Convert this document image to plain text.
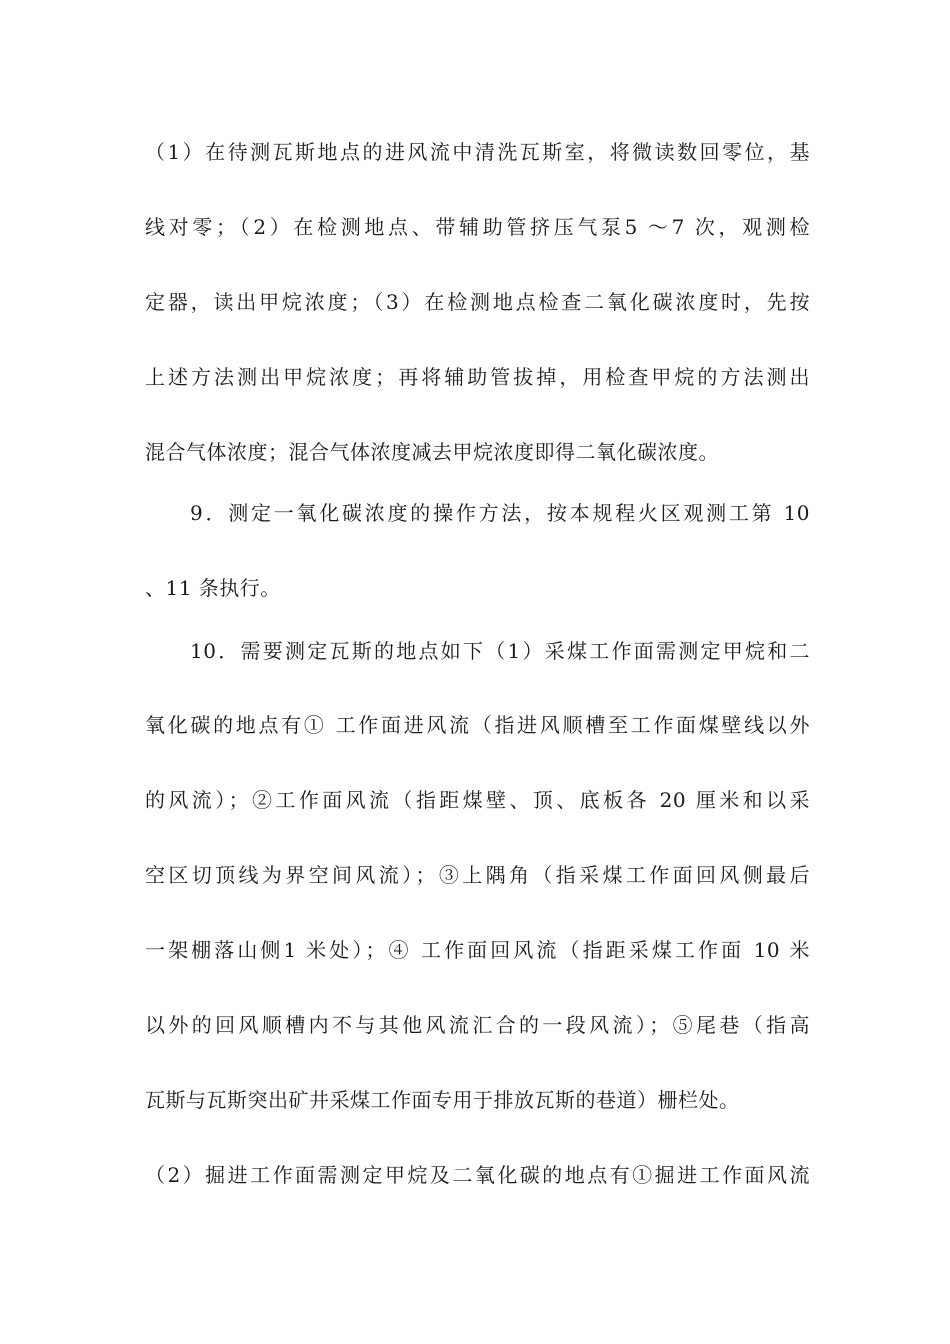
（1）在待测瓦斯地点的进风流中清洗瓦斯室，将微读数回零位，基
线对零；（2）在检测地点、带辅助管挤压气泵5 ～7 次，观测检
定器，读出甲烷浓度；（3）在检测地点检查二氧化碳浓度时，先按
上述方法测出甲烷浓度；再将辅助管拔掉，用检查甲烷的方法测出
混合气体浓度；混合气体浓度减去甲烷浓度即得二氧化碳浓度。
9．测定一氧化碳浓度的操作方法，按本规程火区观测工第 10
、11 条执行。
10．需要测定瓦斯的地点如下（1）采煤工作面需测定甲烷和二
氧化碳的地点有① 工作面进风流（指进风顺槽至工作面煤壁线以外
的风流）；②工作面风流（指距煤壁、顶、底板各 20 厘米和以采
空区切顶线为界空间风流）；③上隅角（指采煤工作面回风侧最后
一架棚落山侧1 米处）；④ 工作面回风流（指距采煤工作面 10 米
以外的回风顺槽内不与其他风流汇合的一段风流）；⑤尾巷（指高
瓦斯与瓦斯突出矿井采煤工作面专用于排放瓦斯的巷道）栅栏处。
（2）掘进工作面需测定甲烷及二氧化碳的地点有①掘进工作面风流
